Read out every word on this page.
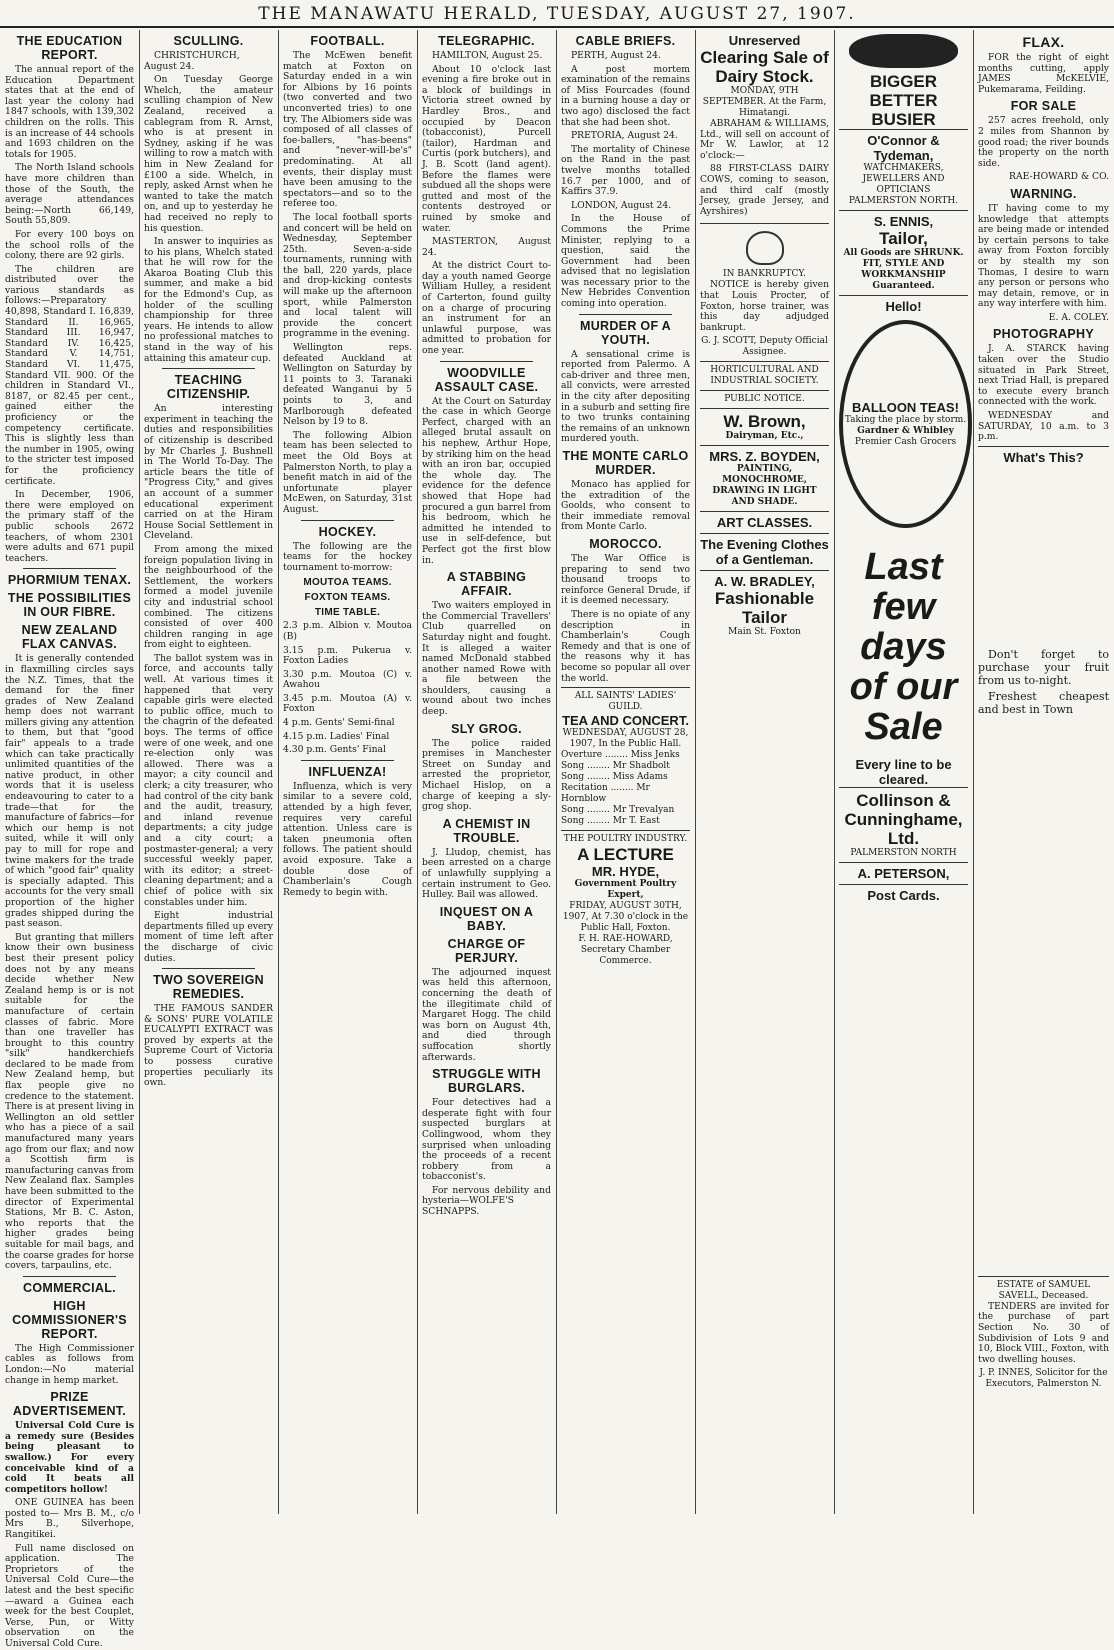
THE MANAWATU HERALD, TUESDAY, AUGUST 27, 1907.
THE EDUCATION REPORT.

The annual report of the Education Department states that at the end of last year the colony had 1847 schools, with 139,302 children on the rolls. This is an increase of 44 schools and 1693 children on the totals for 1905.

The North Island schools have more children than those of the South, the average attendances being:—North 66,149, South 55,809.

For every 100 boys on the school rolls of the colony, there are 92 girls.

The children are distributed over the various standards as follows:—Preparatory 40,898, Standard I. 16,839, Standard II. 16,965, Standard III. 16,947, Standard IV. 16,425, Standard V. 14,751, Standard VI. 11,475, Standard VII. 900. Of the children in Standard VI., 8187, or 82.45 per cent., gained either the proficiency or the competency certificate. This is slightly less than the number in 1905, owing to the stricter test imposed for the proficiency certificate.

In December, 1906, there were employed on the primary staff of the public schools 2672 teachers, of whom 2301 were adults and 671 pupil teachers.

PHORMIUM TENAX.
THE POSSIBILITIES IN OUR FIBRE.
NEW ZEALAND FLAX CANVAS.

It is generally contended in flaxmilling circles says the N.Z. Times, that the demand for the finer grades of New Zealand hemp does not warrant millers giving any attention to them, but that "good fair" appeals to a trade which can take practically unlimited quantities of the native product, in other words that it is useless endeavouring to cater to a trade—that for the manufacture of fabrics—for which our hemp is not suited, while it will only pay to mill for rope and twine makers for the trade of which "good fair" quality is specially adapted. This accounts for the very small proportion of the higher grades shipped during the past season.

But granting that millers know their own business best their present policy does not by any means decide whether New Zealand hemp is or is not suitable for the manufacture of certain classes of fabric. More than one traveller has brought to this country "silk" handkerchiefs declared to be made from New Zealand hemp, but flax people give no credence to the statement. There is at present living in Wellington an old settler who has a piece of a sail manufactured many years ago from our flax; and now a Scottish firm is manufacturing canvas from New Zealand flax. Samples have been submitted to the director of Experimental Stations, Mr B. C. Aston, who reports that the higher grades being suitable for mail bags, and the coarse grades for horse covers, tarpaulins, etc.

COMMERCIAL.
HIGH COMMISSIONER'S REPORT.

The High Commissioner cables as follows from London:—No material change in hemp market.

PRIZE ADVERTISEMENT.

Universal Cold Cure is a remedy sure (Besides being pleasant to swallow.) For every conceivable kind of a cold It beats all competitors hollow!

ONE GUINEA has been posted to— Mrs B. M., c/o Mrs B., Silverhope, Rangitikei.

Full name disclosed on application. The Proprietors of the Universal Cold Cure—the latest and the best specific—award a Guinea each week for the best Couplet, Verse, Pun, or Witty observation on the Universal Cold Cure.

SCULLING.

CHRISTCHURCH, August 24.

On Tuesday George Whelch, the amateur sculling champion of New Zealand, received a cablegram from R. Arnst, who is at present in Sydney, asking if he was willing to row a match with him in New Zealand for £100 a side. Whelch, in reply, asked Arnst when he wanted to take the match on, and up to yesterday he had received no reply to his question.

In answer to inquiries as to his plans, Whelch stated that he will row for the Akaroa Boating Club this summer, and make a bid for the Edmond's Cup, as holder of the sculling championship for three years. He intends to allow no professional matches to stand in the way of his attaining this amateur cup.

TEACHING CITIZENSHIP.

An interesting experiment in teaching the duties and responsibilities of citizenship is described by Mr Charles J. Bushnell in The World To-Day. The article bears the title of "Progress City," and gives an account of a summer educational experiment carried on at the Hiram House Social Settlement in Cleveland.

From among the mixed foreign population living in the neighbourhood of the Settlement, the workers formed a model juvenile city and industrial school combined. The citizens consisted of over 400 children ranging in age from eight to eighteen.

The ballot system was in force, and accounts tally well. At various times it happened that very capable girls were elected to public office, much to the chagrin of the defeated boys. The terms of office were of one week, and one re-election only was allowed. There was a mayor; a city council and clerk; a city treasurer, who had control of the city bank and the audit, treasury, and inland revenue departments; a city judge and a city court; a postmaster-general; a very successful weekly paper, with its editor; a street-cleaning department; and a chief of police with six constables under him.

Eight industrial departments filled up every moment of time left after the discharge of civic duties.

TWO SOVEREIGN REMEDIES.

THE FAMOUS SANDER & SONS' PURE VOLATILE EUCALYPTI EXTRACT was proved by experts at the Supreme Court of Victoria to possess curative properties peculiarly its own.

FOOTBALL.

The McEwen benefit match at Foxton on Saturday ended in a win for Albions by 16 points (two converted and two unconverted tries) to one try. The Albiomers side was composed of all classes of foe-ballers, "has-beens" and "never-will-be's" predominating. At all events, their display must have been amusing to the spectators—and so to the referee too.

The local football sports and concert will be held on Wednesday, September 25th. Seven-a-side tournaments, running with the ball, 220 yards, place and drop-kicking contests will make up the afternoon sport, while Palmerston and local talent will provide the concert programme in the evening.

Wellington reps. defeated Auckland at Wellington on Saturday by 11 points to 3. Taranaki defeated Wanganui by 5 points to 3, and Marlborough defeated Nelson by 19 to 8.

The following Albion team has been selected to meet the Old Boys at Palmerston North, to play a benefit match in aid of the unfortunate player McEwen, on Saturday, 31st August.

HOCKEY.

The following are the teams for the hockey tournament to-morrow:

MOUTOA TEAMS.
FOXTON TEAMS.
TIME TABLE.

2.3 p.m. Albion v. Moutoa (B)

3.15 p.m. Pukerua v. Foxton Ladies

3.30 p.m. Moutoa (C) v. Awahou

3.45 p.m. Moutoa (A) v. Foxton

4 p.m. Gents' Semi-final

4.15 p.m. Ladies' Final

4.30 p.m. Gents' Final

INFLUENZA!

Influenza, which is very similar to a severe cold, attended by a high fever, requires very careful attention. Unless care is taken pneumonia often follows. The patient should avoid exposure. Take a double dose of Chamberlain's Cough Remedy to begin with.

TELEGRAPHIC.

HAMILTON, August 25.

About 10 o'clock last evening a fire broke out in a block of buildings in Victoria street owned by Hardley Bros., and occupied by Deacon (tobacconist), Purcell (tailor), Hardman and Curtis (pork butchers), and J. B. Scott (land agent). Before the flames were subdued all the shops were gutted and most of the contents destroyed or ruined by smoke and water.

MASTERTON, August 24.

At the district Court to-day a youth named George William Hulley, a resident of Carterton, found guilty on a charge of procuring an instrument for an unlawful purpose, was admitted to probation for one year.

WOODVILLE ASSAULT CASE.

At the Court on Saturday the case in which George Perfect, charged with an alleged brutal assault on his nephew, Arthur Hope, by striking him on the head with an iron bar, occupied the whole day. The evidence for the defence showed that Hope had procured a gun barrel from his bedroom, which he admitted he intended to use in self-defence, but Perfect got the first blow in.

A STABBING AFFAIR.

Two waiters employed in the Commercial Travellers' Club quarrelled on Saturday night and fought. It is alleged a waiter named McDonald stabbed another named Rowe with a file between the shoulders, causing a wound about two inches deep.

SLY GROG.

The police raided premises in Manchester Street on Sunday and arrested the proprietor, Michael Hislop, on a charge of keeping a sly-grog shop.

A CHEMIST IN TROUBLE.

J. Lludop, chemist, has been arrested on a charge of unlawfully supplying a certain instrument to Geo. Hulley. Bail was allowed.

INQUEST ON A BABY.
CHARGE OF PERJURY.

The adjourned inquest was held this afternoon, concerning the death of the illegitimate child of Margaret Hogg. The child was born on August 4th, and died through suffocation shortly afterwards.

STRUGGLE WITH BURGLARS.

Four detectives had a desperate fight with four suspected burglars at Collingwood, whom they surprised when unloading the proceeds of a recent robbery from a tobacconist's.

For nervous debility and hysteria—WOLFE'S SCHNAPPS.

CABLE BRIEFS.

PERTH, August 24.

A post mortem examination of the remains of Miss Fourcades (found in a burning house a day or two ago) disclosed the fact that she had been shot.

PRETORIA, August 24.

The mortality of Chinese on the Rand in the past twelve months totalled 16.7 per 1000, and of Kaffirs 37.9.

LONDON, August 24.

In the House of Commons the Prime Minister, replying to a question, said the Government had been advised that no legislation was necessary prior to the New Hebrides Convention coming into operation.

MURDER OF A YOUTH.

A sensational crime is reported from Palermo. A cab-driver and three men, all convicts, were arrested in the city after depositing in a suburb and setting fire to two trunks containing the remains of an unknown murdered youth.

THE MONTE CARLO MURDER.

Monaco has applied for the extradition of the Goolds, who consent to their immediate removal from Monte Carlo.

MOROCCO.

The War Office is preparing to send two thousand troops to reinforce General Drude, if it is deemed necessary.

There is no opiate of any description in Chamberlain's Cough Remedy and that is one of the reasons why it has become so popular all over the world.

ALL SAINTS' LADIES' GUILD.
TEA AND CONCERT.
WEDNESDAY, AUGUST 28, 1907, In the Public Hall.
Overture ........ Miss Jenks
Song ........ Mr Shadbolt
Song ........ Miss Adams
Recitation ........ Mr Hornblow
Song ........ Mr Trevalyan
Song ........ Mr T. East
THE POULTRY INDUSTRY.
A LECTURE
MR. HYDE,
Government Poultry Expert,
FRIDAY, AUGUST 30TH, 1907, At 7.30 o'clock in the Public Hall, Foxton.
F. H. RAE-HOWARD, Secretary Chamber Commerce.
Unreserved
Clearing Sale of Dairy Stock.
MONDAY, 9TH SEPTEMBER. At the Farm, Himatangi.

ABRAHAM & WILLIAMS, Ltd., will sell on account of Mr W. Lawlor, at 12 o'clock:—

88 FIRST-CLASS DAIRY COWS, coming to season, and third calf (mostly Jersey, grade Jersey, and Ayrshires)

IN BANKRUPTCY.

NOTICE is hereby given that Louis Procter, of Foxton, horse trainer, was this day adjudged bankrupt.

G. J. SCOTT, Deputy Official Assignee.
HORTICULTURAL AND INDUSTRIAL SOCIETY.
PUBLIC NOTICE.
W. Brown,
Dairyman, Etc.,
MRS. Z. BOYDEN,
PAINTING, MONOCHROME, DRAWING IN LIGHT AND SHADE.
ART CLASSES.
The Evening Clothes of a Gentleman.
A. W. BRADLEY,
Fashionable Tailor
Main St. Foxton
BIGGER
BETTER
BUSIER
O'Connor & Tydeman,
WATCHMAKERS, JEWELLERS AND OPTICIANS
PALMERSTON NORTH.
S. ENNIS,
Tailor,
All Goods are SHRUNK.
FIT, STYLE AND WORKMANSHIP Guaranteed.
Hello!
BALLOON TEAS!
Taking the place by storm.
Gardner & Whibley
Premier Cash Grocers
Last few days of our Sale
Every line to be cleared.
Collinson & Cunninghame, Ltd.
PALMERSTON NORTH
A. PETERSON,
Post Cards.
FLAX.

FOR the right of eight months cutting, apply JAMES McKELVIE, Pukemarama, Feilding.

FOR SALE

257 acres freehold, only 2 miles from Shannon by good road; the river bounds the property on the north side.

RAE-HOWARD & CO.

WARNING.

IT having come to my knowledge that attempts are being made or intended by certain persons to take away from Foxton forcibly or by stealth my son Thomas, I desire to warn any person or persons who may detain, remove, or in any way interfere with him.

E. A. COLEY.

PHOTOGRAPHY

J. A. STARCK having taken over the Studio situated in Park Street, next Triad Hall, is prepared to execute every branch connected with the work.

WEDNESDAY and SATURDAY, 10 a.m. to 3 p.m.

What's This?

Don't forget to purchase your fruit from us to-night.

Freshest cheapest and best in Town

ESTATE of SAMUEL SAVELL, Deceased.

TENDERS are invited for the purchase of part Section No. 30 of Subdivision of Lots 9 and 10, Block VIII., Foxton, with two dwelling houses.

J. P. INNES, Solicitor for the Executors, Palmerston N.
